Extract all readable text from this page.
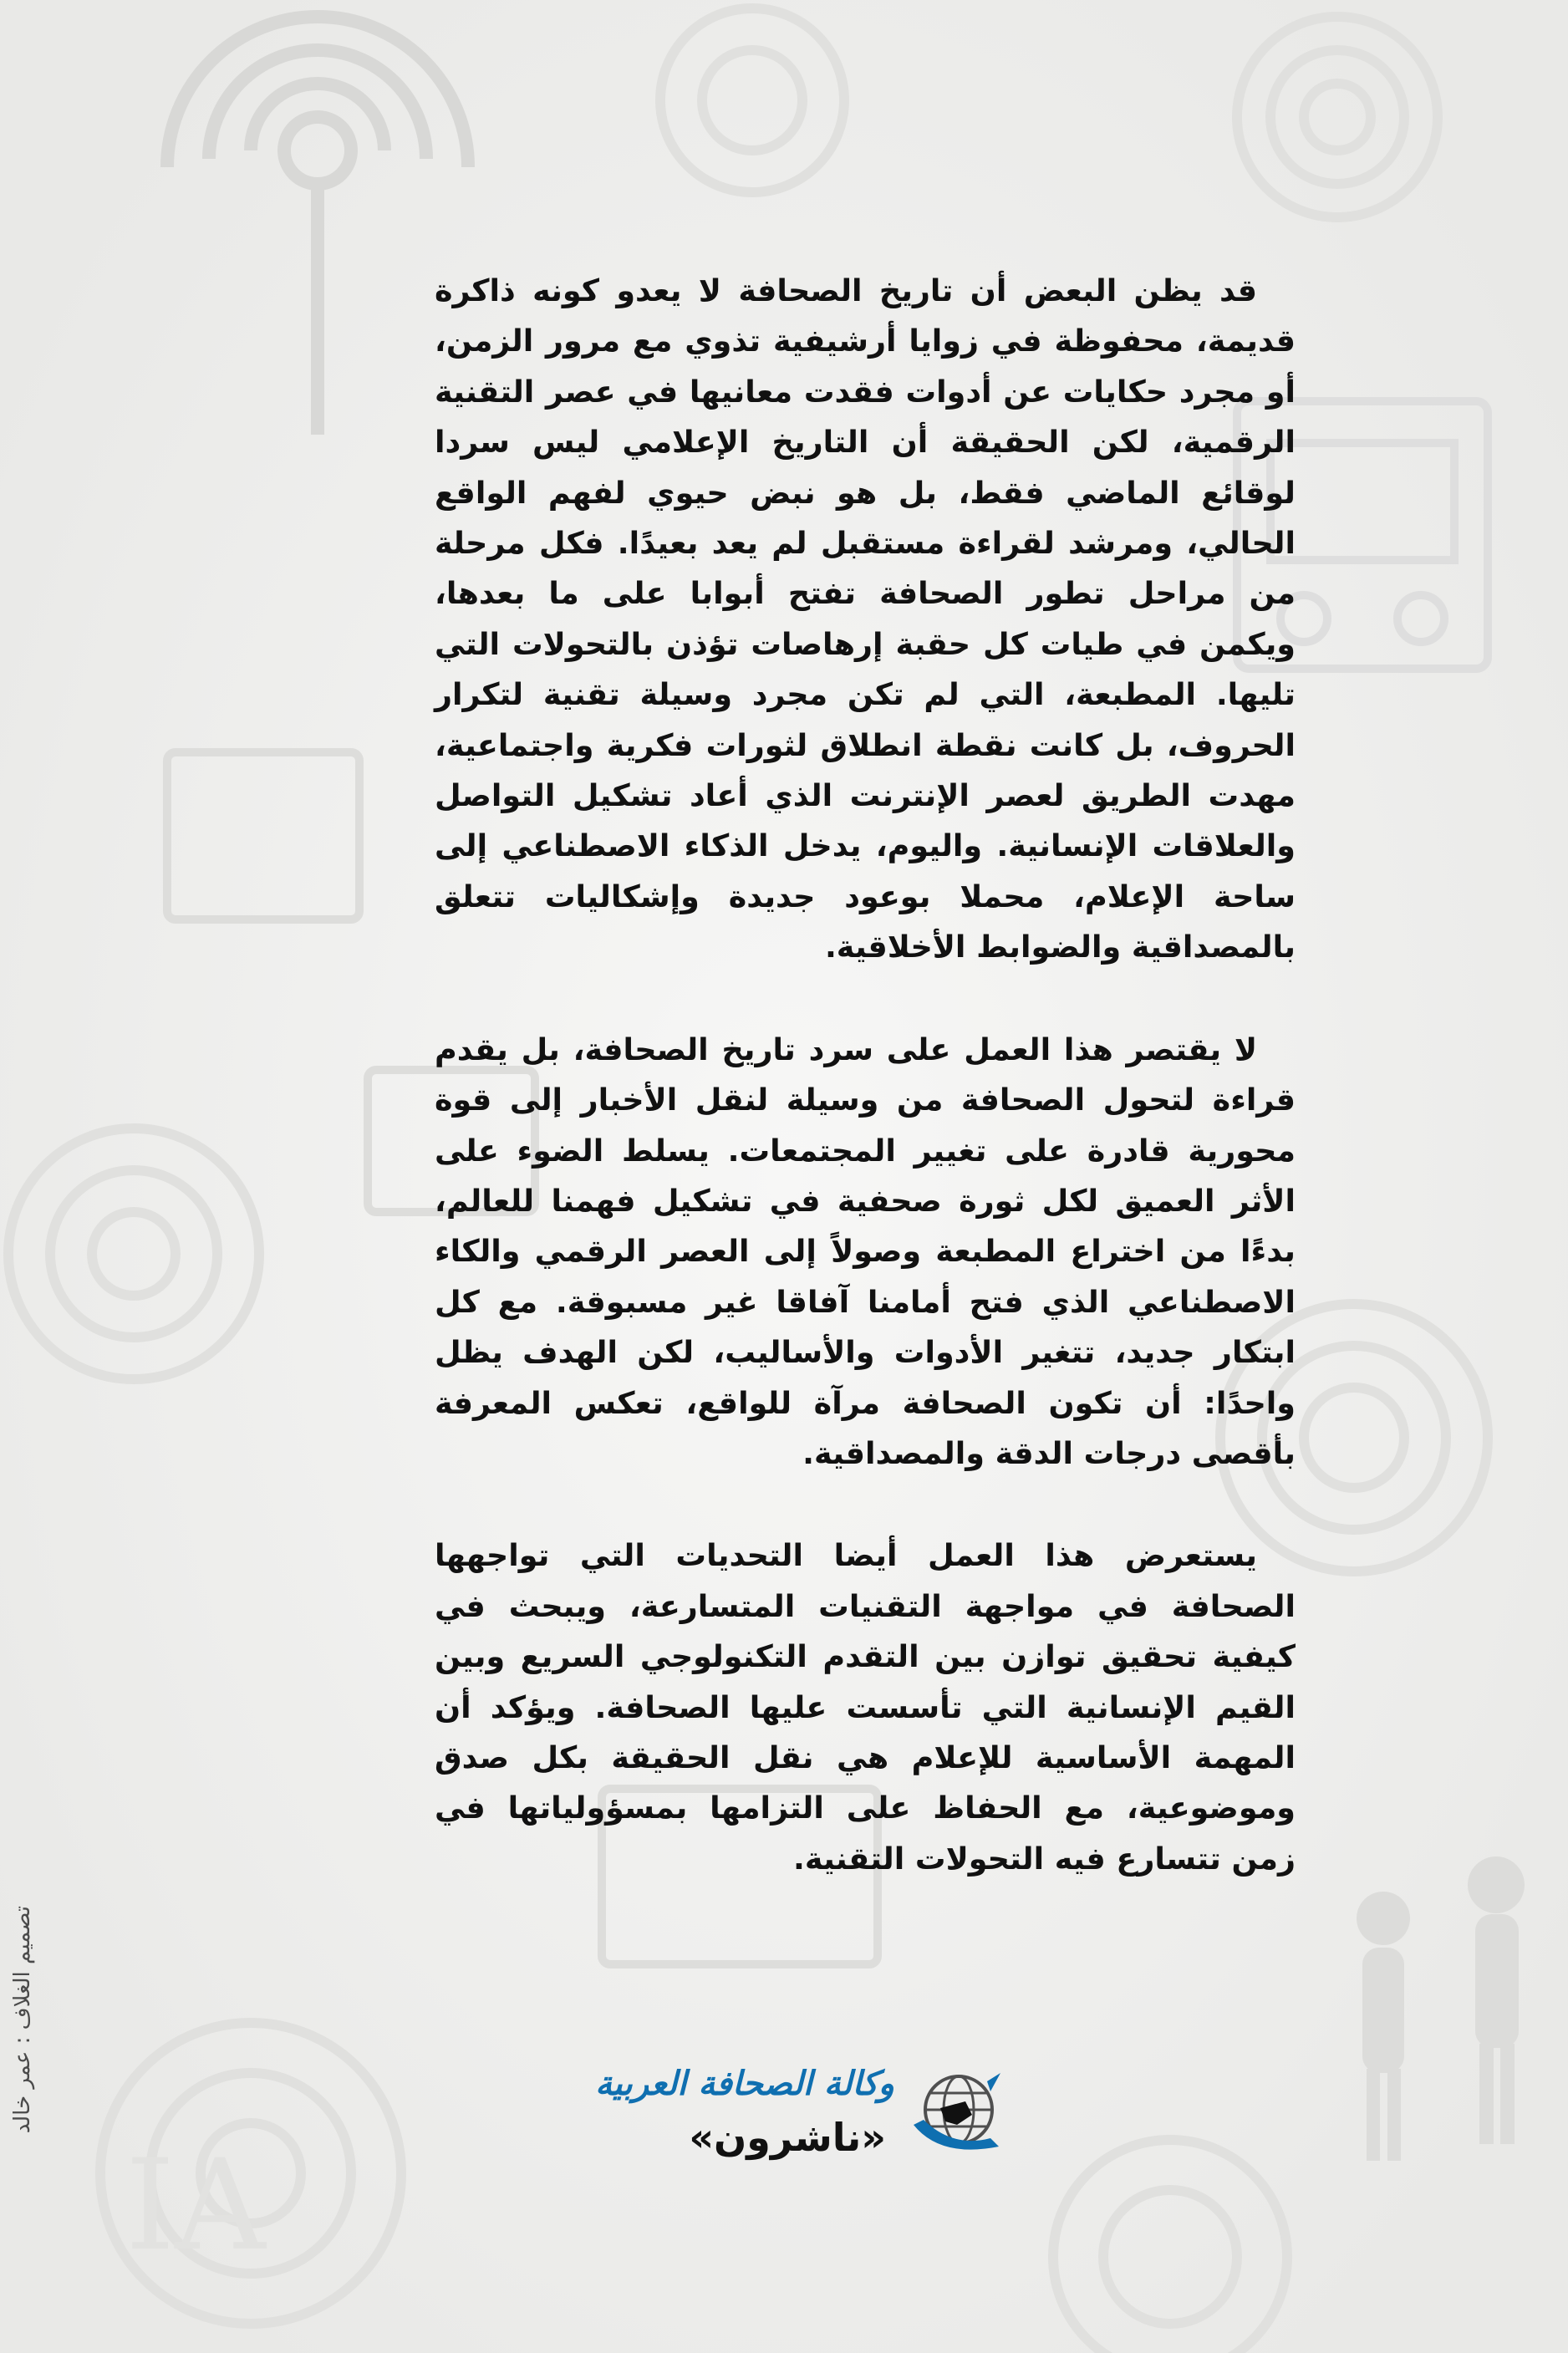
IA

قد يظن البعض أن تاريخ الصحافة لا يعدو كونه ذاكرة قديمة، محفوظة في زوايا أرشيفية تذوي مع مرور الزمن، أو مجرد حكايات عن أدوات فقدت معانيها في عصر التقنية الرقمية، لكن الحقيقة أن التاريخ الإعلامي ليس سردا لوقائع الماضي فقط، بل هو نبض حيوي لفهم الواقع الحالي، ومرشد لقراءة مستقبل لم يعد بعيدًا. فكل مرحلة من مراحل تطور الصحافة تفتح أبوابا على ما بعدها، ويكمن في طيات كل حقبة إرهاصات تؤذن بالتحولات التي تليها. المطبعة، التي لم تكن مجرد وسيلة تقنية لتكرار الحروف، بل كانت نقطة انطلاق لثورات فكرية واجتماعية، مهدت الطريق لعصر الإنترنت الذي أعاد تشكيل التواصل والعلاقات الإنسانية. واليوم، يدخل الذكاء الاصطناعي إلى ساحة الإعلام، محملا بوعود جديدة وإشكاليات تتعلق بالمصداقية والضوابط الأخلاقية.

لا يقتصر هذا العمل على سرد تاريخ الصحافة، بل يقدم قراءة لتحول الصحافة من وسيلة لنقل الأخبار إلى قوة محورية قادرة على تغيير المجتمعات. يسلط الضوء على الأثر العميق لكل ثورة صحفية في تشكيل فهمنا للعالم، بدءًا من اختراع المطبعة وصولاً إلى العصر الرقمي والكاء الاصطناعي الذي فتح أمامنا آفاقا غير مسبوقة. مع كل ابتكار جديد، تتغير الأدوات والأساليب، لكن الهدف يظل واحدًا: أن تكون الصحافة مرآة للواقع، تعكس المعرفة بأقصى درجات الدقة والمصداقية.

يستعرض هذا العمل أيضا التحديات التي تواجهها الصحافة في مواجهة التقنيات المتسارعة، ويبحث في كيفية تحقيق توازن بين التقدم التكنولوجي السريع وبين القيم الإنسانية التي تأسست عليها الصحافة. ويؤكد أن المهمة الأساسية للإعلام هي نقل الحقيقة بكل صدق وموضوعية، مع الحفاظ على التزامها بمسؤولياتها في زمن تتسارع فيه التحولات التقنية.

وكالة الصحافة العربية
«ناشرون»
